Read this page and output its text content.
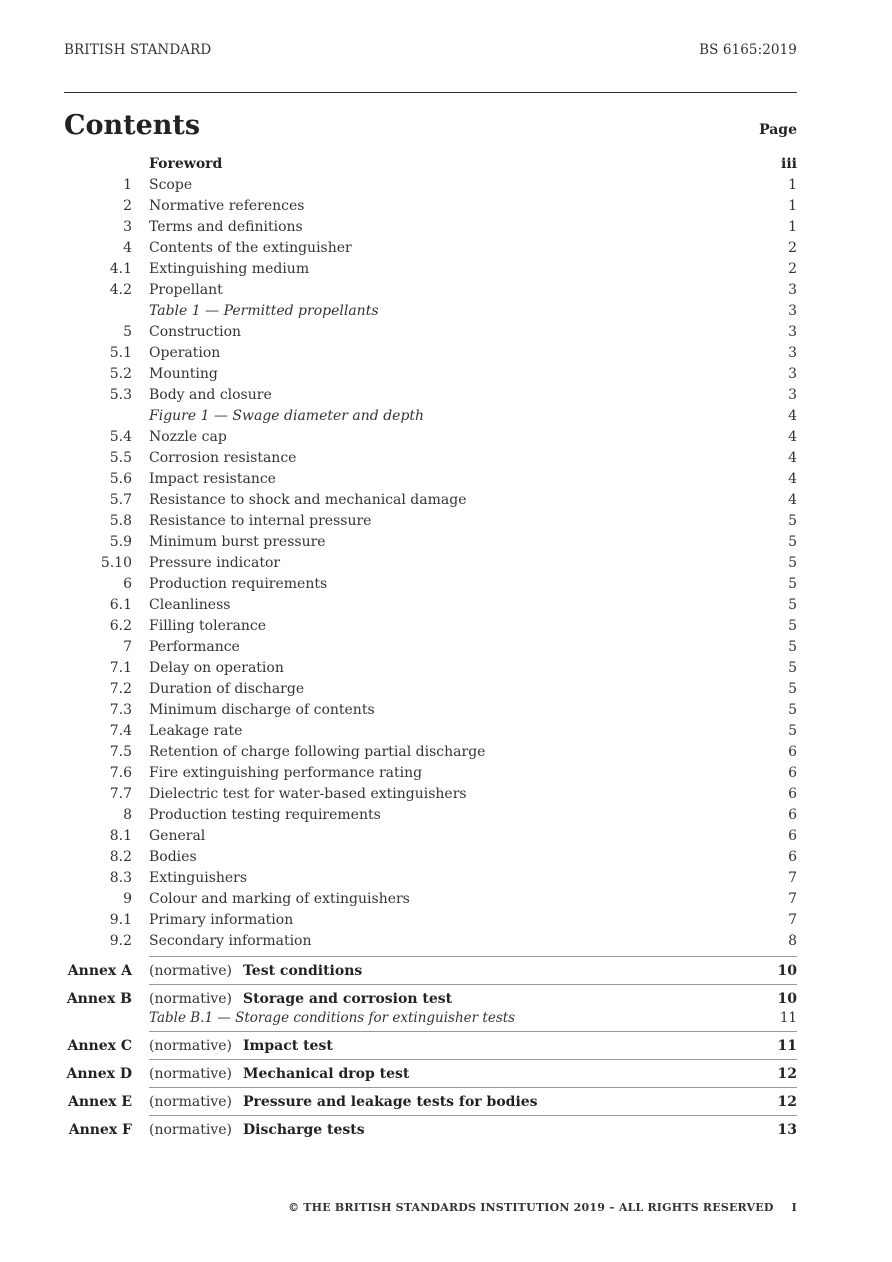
BRITISH STANDARD	BS 6165:2019
Contents	Page
Foreword	iii
1 Scope	1
2 Normative references	1
3 Terms and definitions	1
4 Contents of the extinguisher	2
4.1 Extinguishing medium	2
4.2 Propellant	3
Table 1 — Permitted propellants	3
5 Construction	3
5.1 Operation	3
5.2 Mounting	3
5.3 Body and closure	3
Figure 1 — Swage diameter and depth	4
5.4 Nozzle cap	4
5.5 Corrosion resistance	4
5.6 Impact resistance	4
5.7 Resistance to shock and mechanical damage	4
5.8 Resistance to internal pressure	5
5.9 Minimum burst pressure	5
5.10 Pressure indicator	5
6 Production requirements	5
6.1 Cleanliness	5
6.2 Filling tolerance	5
7 Performance	5
7.1 Delay on operation	5
7.2 Duration of discharge	5
7.3 Minimum discharge of contents	5
7.4 Leakage rate	5
7.5 Retention of charge following partial discharge	6
7.6 Fire extinguishing performance rating	6
7.7 Dielectric test for water-based extinguishers	6
8 Production testing requirements	6
8.1 General	6
8.2 Bodies	6
8.3 Extinguishers	7
9 Colour and marking of extinguishers	7
9.1 Primary information	7
9.2 Secondary information	8
Annex A (normative) Test conditions	10
Annex B (normative) Storage and corrosion test	10
Table B.1 — Storage conditions for extinguisher tests	11
Annex C (normative) Impact test	11
Annex D (normative) Mechanical drop test	12
Annex E (normative) Pressure and leakage tests for bodies	12
Annex F (normative) Discharge tests	13
© THE BRITISH STANDARDS INSTITUTION 2019 – ALL RIGHTS RESERVED I
